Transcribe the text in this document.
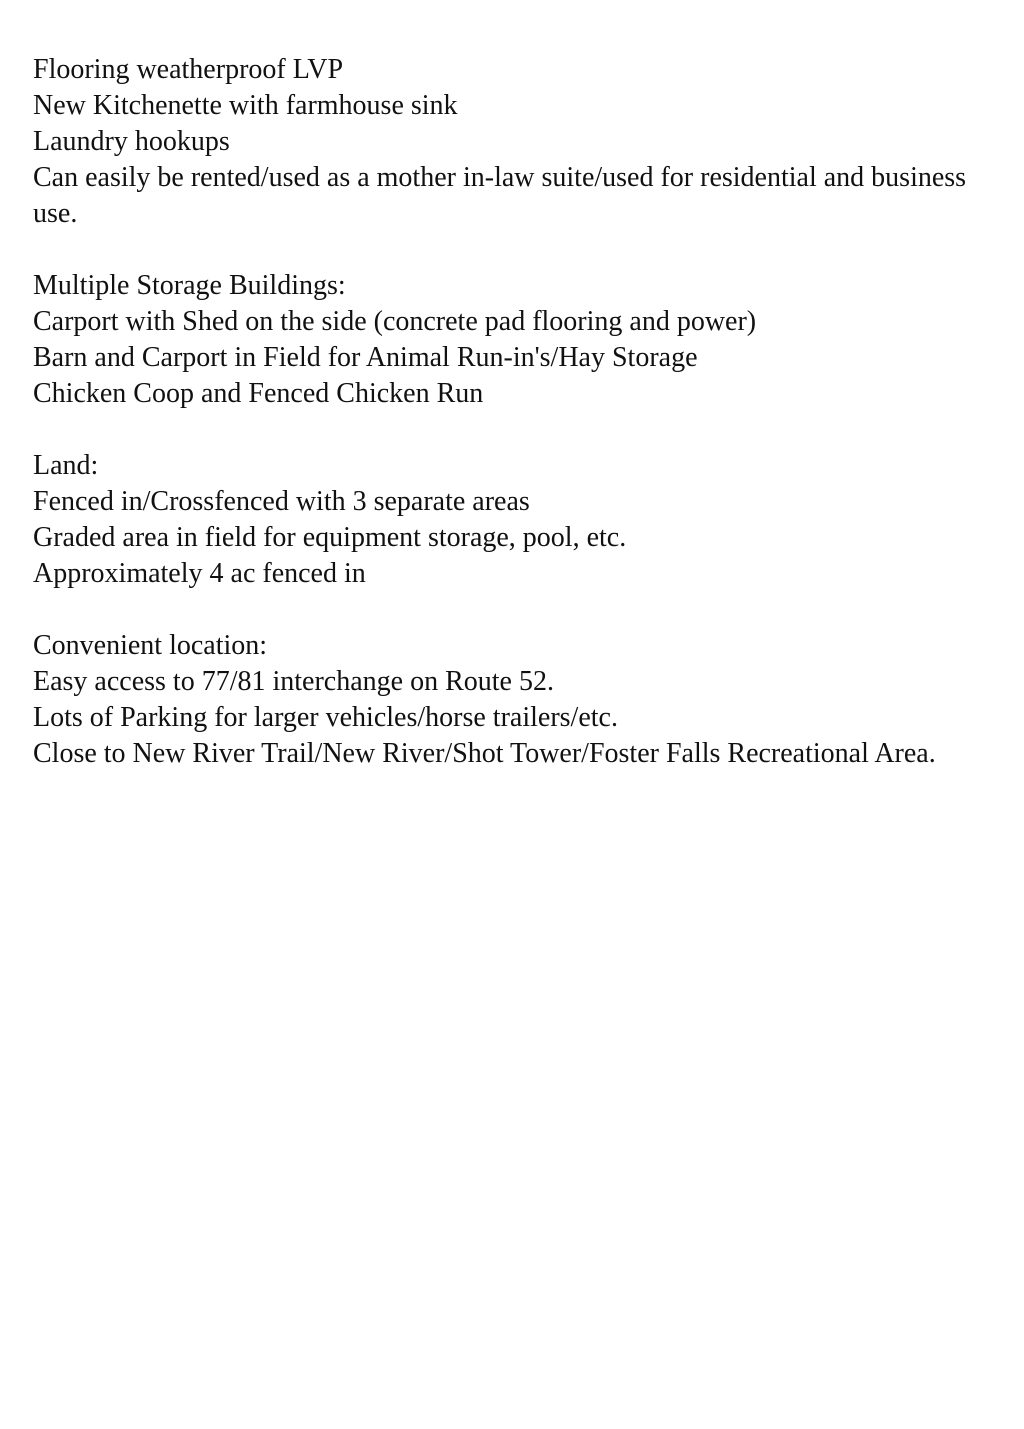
Flooring weatherproof LVP
New Kitchenette with farmhouse sink
Laundry hookups
Can easily be rented/used as a mother in-law suite/used for residential and business use.
Multiple Storage Buildings:
Carport with Shed on the side (concrete pad flooring and power)
Barn and Carport in Field for Animal Run-in's/Hay Storage
Chicken Coop and Fenced Chicken Run
Land:
Fenced in/Crossfenced with 3 separate areas
Graded area in field for equipment storage, pool, etc.
Approximately 4 ac fenced in
Convenient location:
Easy access to 77/81 interchange on Route 52.
Lots of Parking for larger vehicles/horse trailers/etc.
Close to New River Trail/New River/Shot Tower/Foster Falls Recreational Area.
